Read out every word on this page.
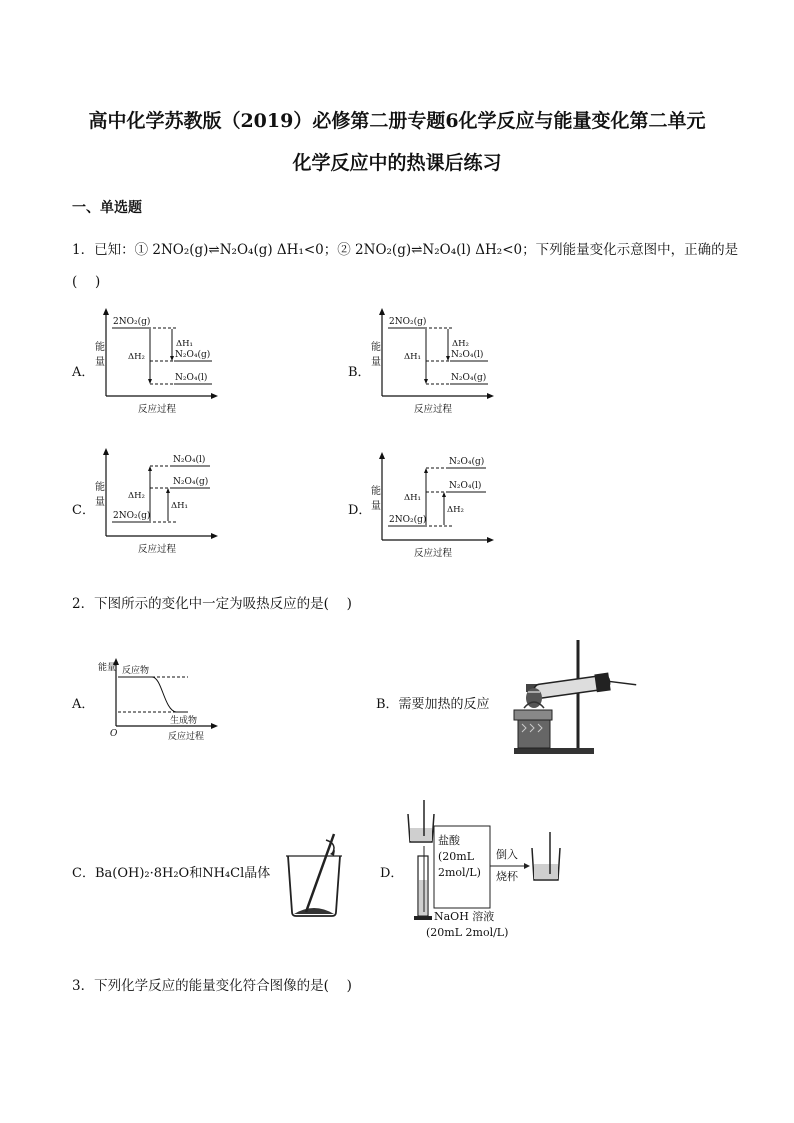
高中化学苏教版（2019）必修第二册专题6化学反应与能量变化第二单元
化学反应中的热课后练习
一、单选题
1．已知：① 2NO₂(g)⇌N₂O₄(g) ΔH₁<0；② 2NO₂(g)⇌N₂O₄(l) ΔH₂<0；下列能量变化示意图中，正确的是
(　 )
A．
能
量
反应过程
2NO₂(g)
N₂O₄(g)
N₂O₄(l)
ΔH₁
ΔH₂
B．
能
量
反应过程
2NO₂(g)
N₂O₄(l)
N₂O₄(g)
ΔH₂
ΔH₁
C．
能
量
反应过程
N₂O₄(l)
N₂O₄(g)
2NO₂(g)
ΔH₁
ΔH₂
D．
能
量
反应过程
N₂O₄(g)
N₂O₄(l)
2NO₂(g)
ΔH₂
ΔH₁
2．下图所示的变化中一定为吸热反应的是(　 )
A．
能量 反应物
生成物
O	反应过程
B．需要加热的反应
C．Ba(OH)₂·8H₂O和NH₄Cl晶体	D．
盐酸
(20mL
2mol/L)
倒入
烧杯
NaOH 溶液
(20mL 2mol/L)
3．下列化学反应的能量变化符合图像的是(　 )
